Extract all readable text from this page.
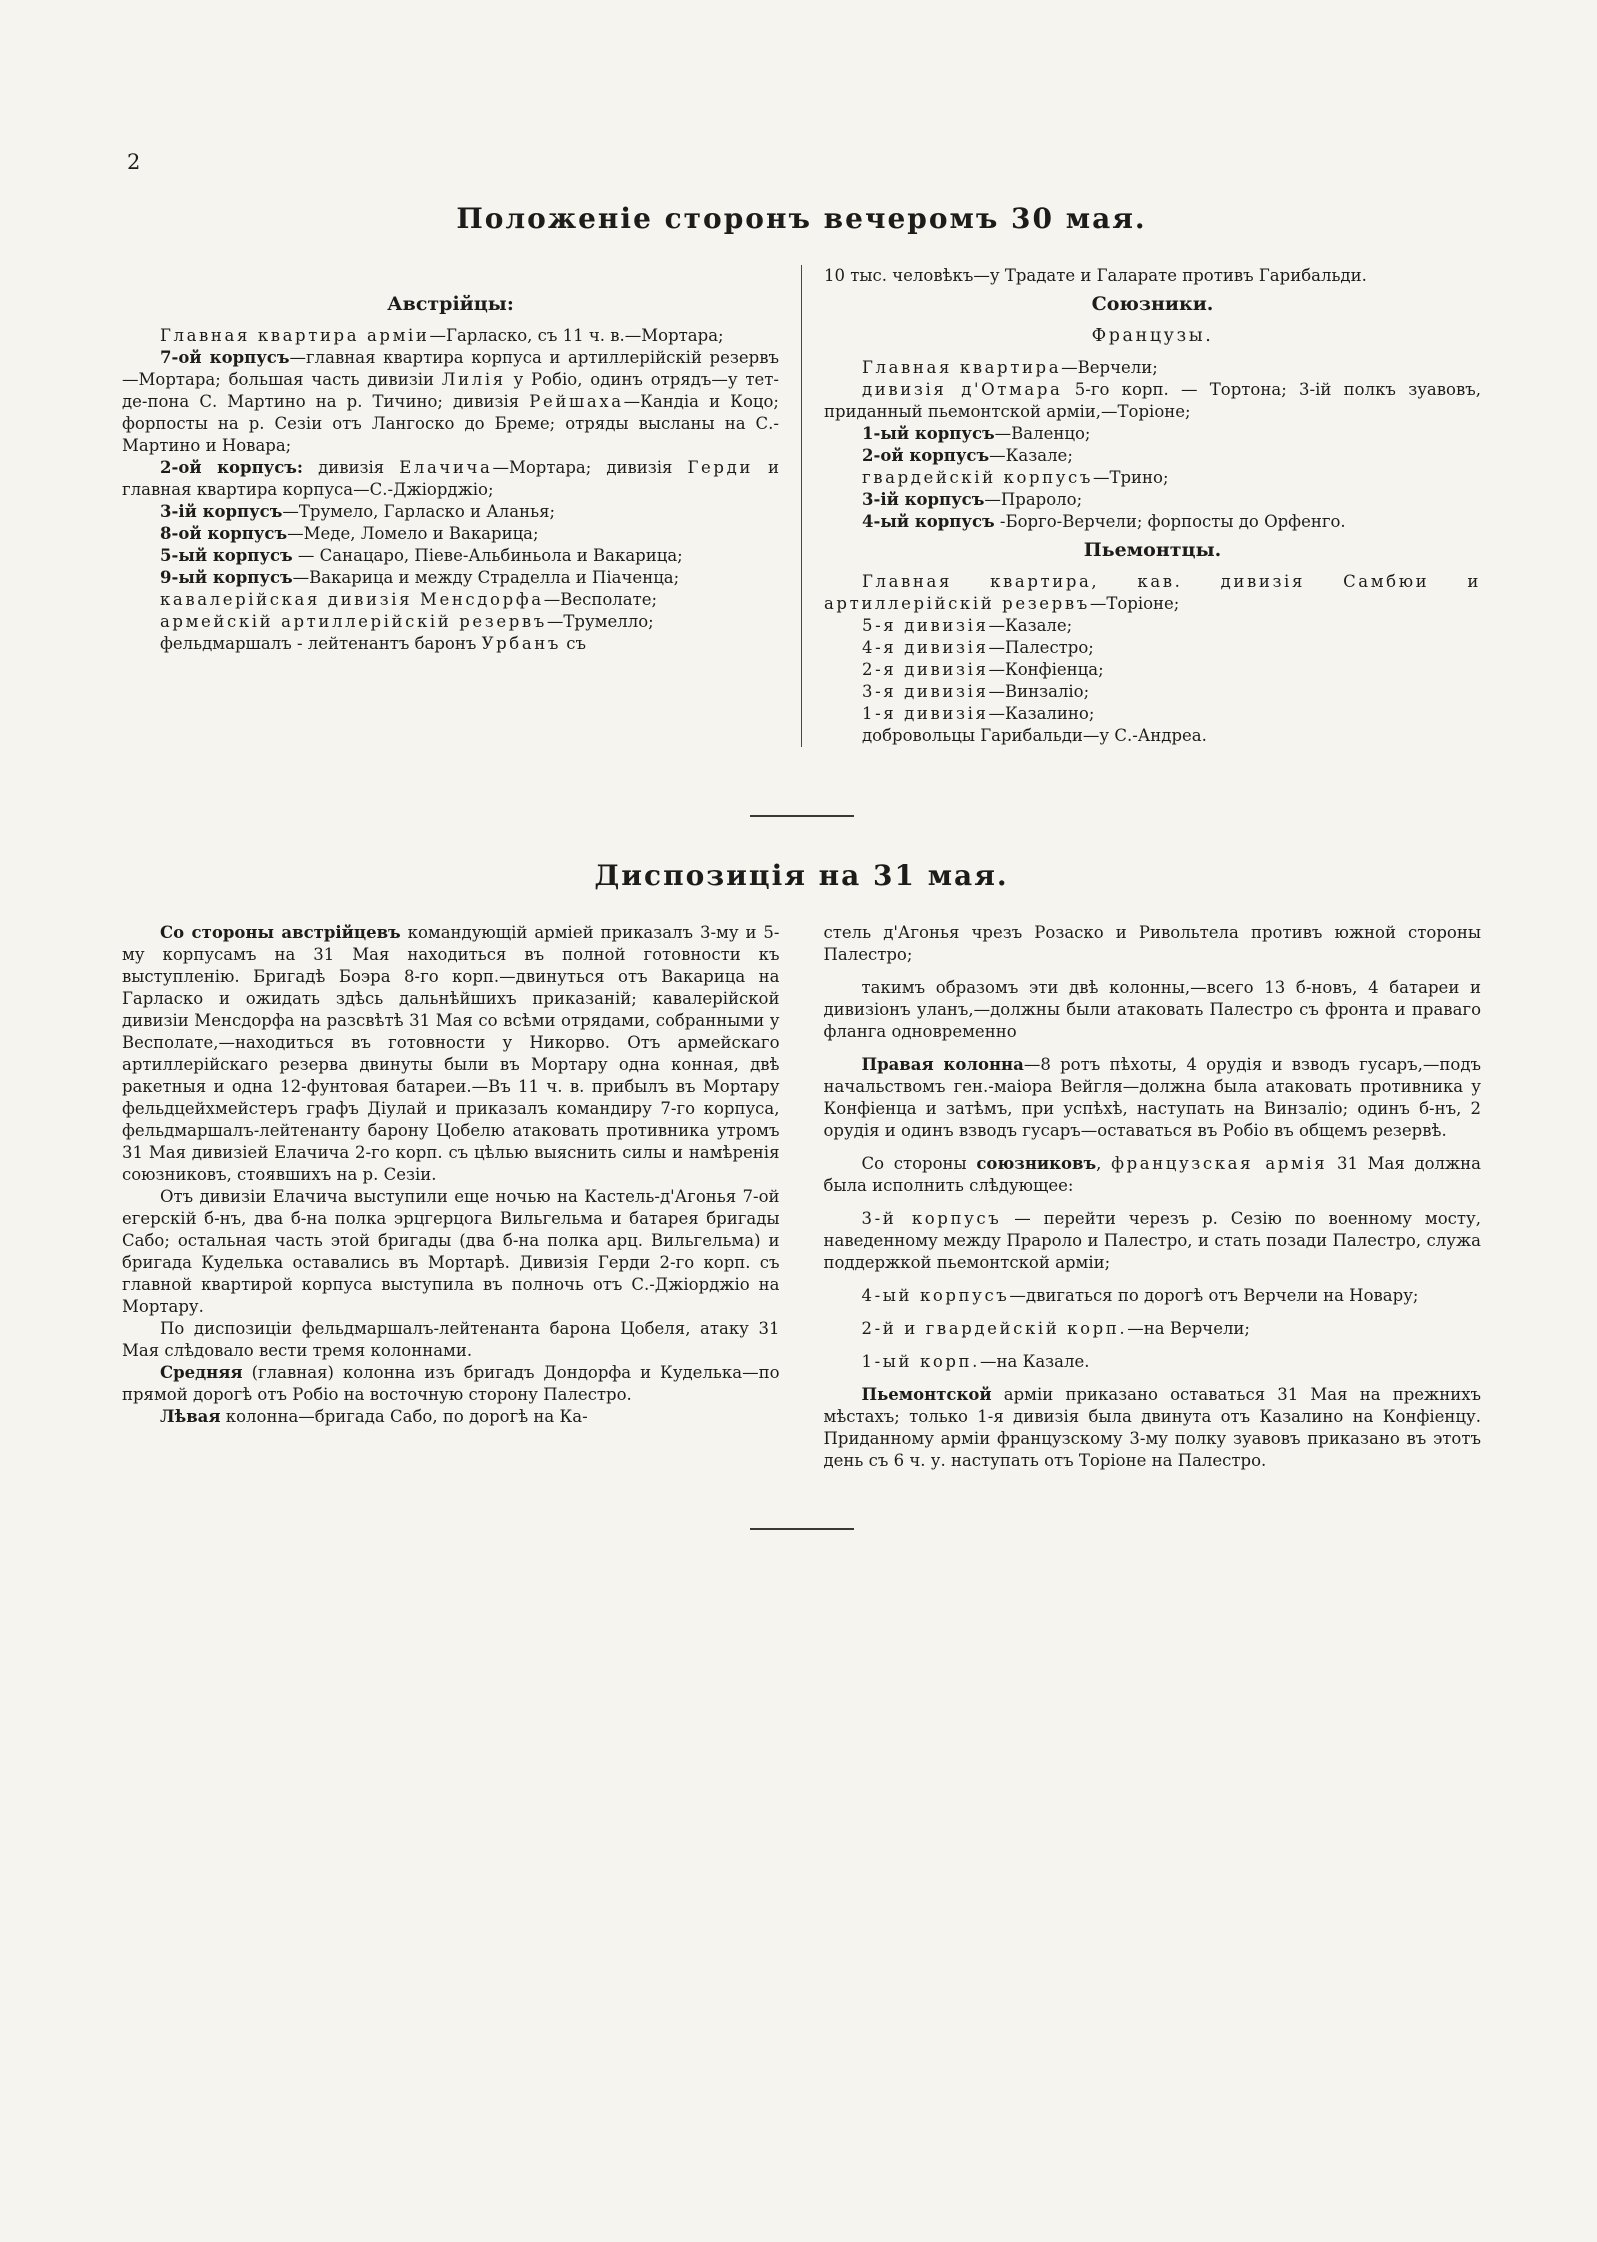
2
Положеніе сторонъ вечеромъ 30 мая.
Австрійцы:

Главная квартира арміи—Гарласко, съ 11 ч. в.—Мортара;

7-ой корпусъ—главная квартира корпуса и артиллерійскій резервъ—Мортара; большая часть дивизіи Лилія у Робіо, одинъ отрядъ—у тет-де-пона С. Мартино на р. Тичино; дивизія Рейшаха—Кандіа и Коцо; форпосты на р. Сезіи отъ Лангоско до Бреме; отряды высланы на С.-Мартино и Новара;

2-ой корпусъ: дивизія Елачича—Мортара; дивизія Герди и главная квартира корпуса—С.-Джіорджіо;

3-ій корпусъ—Трумело, Гарласко и Аланья;

8-ой корпусъ—Меде, Ломело и Вакарица;

5-ый корпусъ — Санацаро, Піеве-Альбиньола и Вакарица;

9-ый корпусъ—Вакарица и между Страделла и Піаченца;

кавалерійская дивизія Менсдорфа—Весполате;

армейскій артиллерійскій резервъ—Трумелло;

фельдмаршалъ - лейтенантъ баронъ Урбанъ съ

10 тыс. человѣкъ—у Традате и Галарате противъ Гарибальди.

Союзники.
Французы.

Главная квартира—Верчели;

дивизія д'Отмара 5-го корп. — Тортона; 3-ій полкъ зуавовъ, приданный пьемонтской арміи,—Торіоне;

1-ый корпусъ—Валенцо;

2-ой корпусъ—Казале;

гвардейскій корпусъ—Трино;

3-ій корпусъ—Прароло;

4-ый корпусъ -Борго-Верчели; форпосты до Орфенго.

Пьемонтцы.

Главная квартира, кав. дивизія Самбюи и артиллерійскій резервъ—Торіоне;

5-я дивизія—Казале;

4-я дивизія—Палестро;

2-я дивизія—Конфіенца;

3-я дивизія—Винзаліо;

1-я дивизія—Казалино;

добровольцы Гарибальди—у С.-Андреа.

Диспозиція на 31 мая.

Со стороны австрійцевъ командующій арміей приказалъ 3-му и 5-му корпусамъ на 31 Мая находиться въ полной готовности къ выступленію. Бригадѣ Боэра 8-го корп.—двинуться отъ Вакарица на Гарласко и ожидать здѣсь дальнѣйшихъ приказаній; кавалерійской дивизіи Менсдорфа на разсвѣтѣ 31 Мая со всѣми отрядами, собранными у Весполате,—находиться въ готовности у Никорво. Отъ армейскаго артиллерійскаго резерва двинуты были въ Мортару одна конная, двѣ ракетныя и одна 12-фунтовая батареи.—Въ 11 ч. в. прибылъ въ Мортару фельдцейхмейстеръ графъ Діулай и приказалъ командиру 7-го корпуса, фельдмаршалъ-лейтенанту барону Цобелю атаковать противника утромъ 31 Мая дивизіей Елачича 2-го корп. съ цѣлью выяснить силы и намѣренія союзниковъ, стоявшихъ на р. Сезіи.

Отъ дивизіи Елачича выступили еще ночью на Кастель-д'Агонья 7-ой егерскій б-нъ, два б-на полка эрцгерцога Вильгельма и батарея бригады Сабо; остальная часть этой бригады (два б-на полка арц. Вильгельма) и бригада Куделька оставались въ Мортарѣ. Дивизія Герди 2-го корп. съ главной квартирой корпуса выступила въ полночь отъ С.-Джіорджіо на Мортару.

По диспозиціи фельдмаршалъ-лейтенанта барона Цобеля, атаку 31 Мая слѣдовало вести тремя колоннами.

Средняя (главная) колонна изъ бригадъ Дондорфа и Куделька—по прямой дорогѣ отъ Робіо на восточную сторону Палестро.

Лѣвая колонна—бригада Сабо, по дорогѣ на Ка-

стель д'Агонья чрезъ Розаско и Ривольтела противъ южной стороны Палестро;

такимъ образомъ эти двѣ колонны,—всего 13 б-новъ, 4 батареи и дивизіонъ уланъ,—должны были атаковать Палестро съ фронта и праваго фланга одновременно

Правая колонна—8 ротъ пѣхоты, 4 орудія и взводъ гусаръ,—подъ начальствомъ ген.-маіора Вейгля—должна была атаковать противника у Конфіенца и затѣмъ, при успѣхѣ, наступать на Винзаліо; одинъ б-нъ, 2 орудія и одинъ взводъ гусаръ—оставаться въ Робіо въ общемъ резервѣ.

Со стороны союзниковъ, французская армія 31 Мая должна была исполнить слѣдующее:

3-й корпусъ — перейти черезъ р. Сезію по военному мосту, наведенному между Прароло и Палестро, и стать позади Палестро, служа поддержкой пьемонтской арміи;

4-ый корпусъ—двигаться по дорогѣ отъ Верчели на Новару;

2-й и гвардейскій корп.—на Верчели;

1-ый корп.—на Казале.

Пьемонтской арміи приказано оставаться 31 Мая на прежнихъ мѣстахъ; только 1-я дивизія была двинута отъ Казалино на Конфіенцу. Приданному арміи французскому 3-му полку зуавовъ приказано въ этотъ день съ 6 ч. у. наступать отъ Торіоне на Палестро.
